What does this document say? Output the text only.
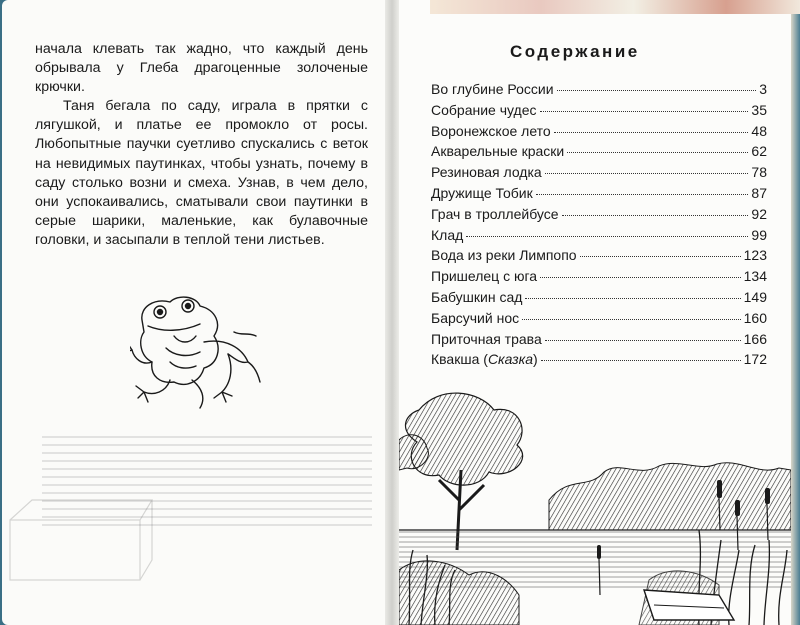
начала клевать так жадно, что каждый день обрывала у Глеба драгоценные золоченые крючки.

Таня бегала по саду, играла в прятки с лягушкой, и платье ее промокло от росы. Любопытные паучки суетливо спускались с веток на невидимых паутинках, чтобы узнать, почему в саду столько возни и смеха. Узнав, в чем дело, они успокаивались, сматывали свои паутинки в серые шарики, маленькие, как булавочные головки, и засыпали в теплой тени листьев.

Содержание
Во глубине России	3
Собрание чудес	35
Воронежское лето	48
Акварельные краски	62
Резиновая лодка	78
Дружище Тобик	87
Грач в троллейбусе	92
Клад	99
Вода из реки Лимпопо	123
Пришелец с юга	134
Бабушкин сад	149
Барсучий нос	160
Приточная трава	166
Квакша (Сказка)	172
